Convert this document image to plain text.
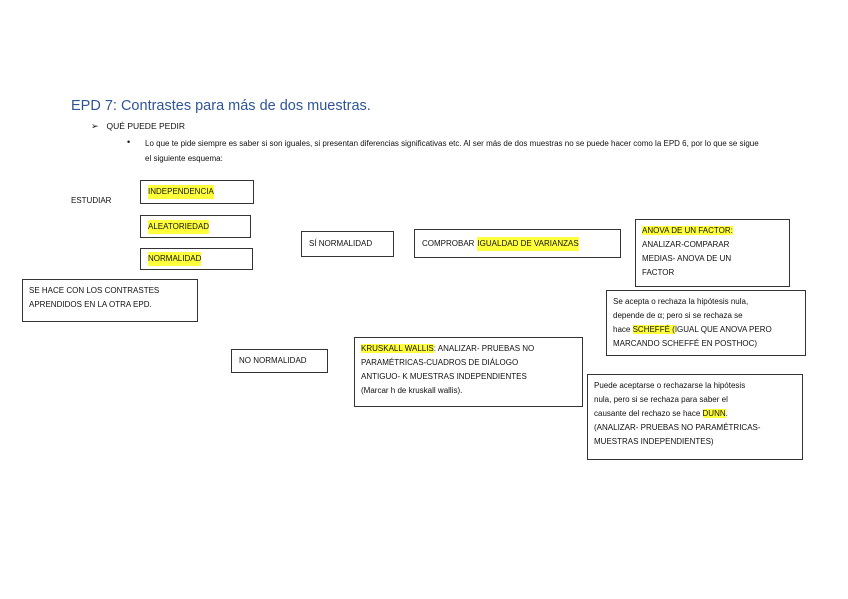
EPD 7: Contrastes para más de dos muestras.
➢ QUÉ PUEDE PEDIR
• Lo que te pide siempre es saber si son iguales, si presentan diferencias significativas etc. Al ser más de dos muestras no se puede hacer como la EPD 6, por lo que se sigue el siguiente esquema:
ESTUDIAR
INDEPENDENCIA
ALEATORIEDAD
NORMALIDAD
SE HACE CON LOS CONTRASTES
APRENDIDOS EN LA OTRA EPD.
SÍ NORMALIDAD	COMPROBAR IGUALDAD DE VARIANZAS
ANOVA DE UN FACTOR:
ANALIZAR-COMPARAR
MEDIAS- ANOVA DE UN
FACTOR
Se acepta o rechaza la hipótesis nula,
depende de α; pero si se rechaza se
hace SCHEFFÉ (IGUAL QUE ANOVA PERO
MARCANDO SCHEFFÉ EN POSTHOC)
NO NORMALIDAD
KRUSKALL WALLIS: ANALIZAR- PRUEBAS NO
PARAMÉTRICAS-CUADROS DE DIÁLOGO
ANTIGUO- K MUESTRAS INDEPENDIENTES
(Marcar h de kruskall wallis).
Puede aceptarse o rechazarse la hipótesis
nula, pero si se rechaza para saber el
causante del rechazo se hace DUNN.
(ANALIZAR- PRUEBAS NO PARAMÉTRICAS-
MUESTRAS INDEPENDIENTES)
